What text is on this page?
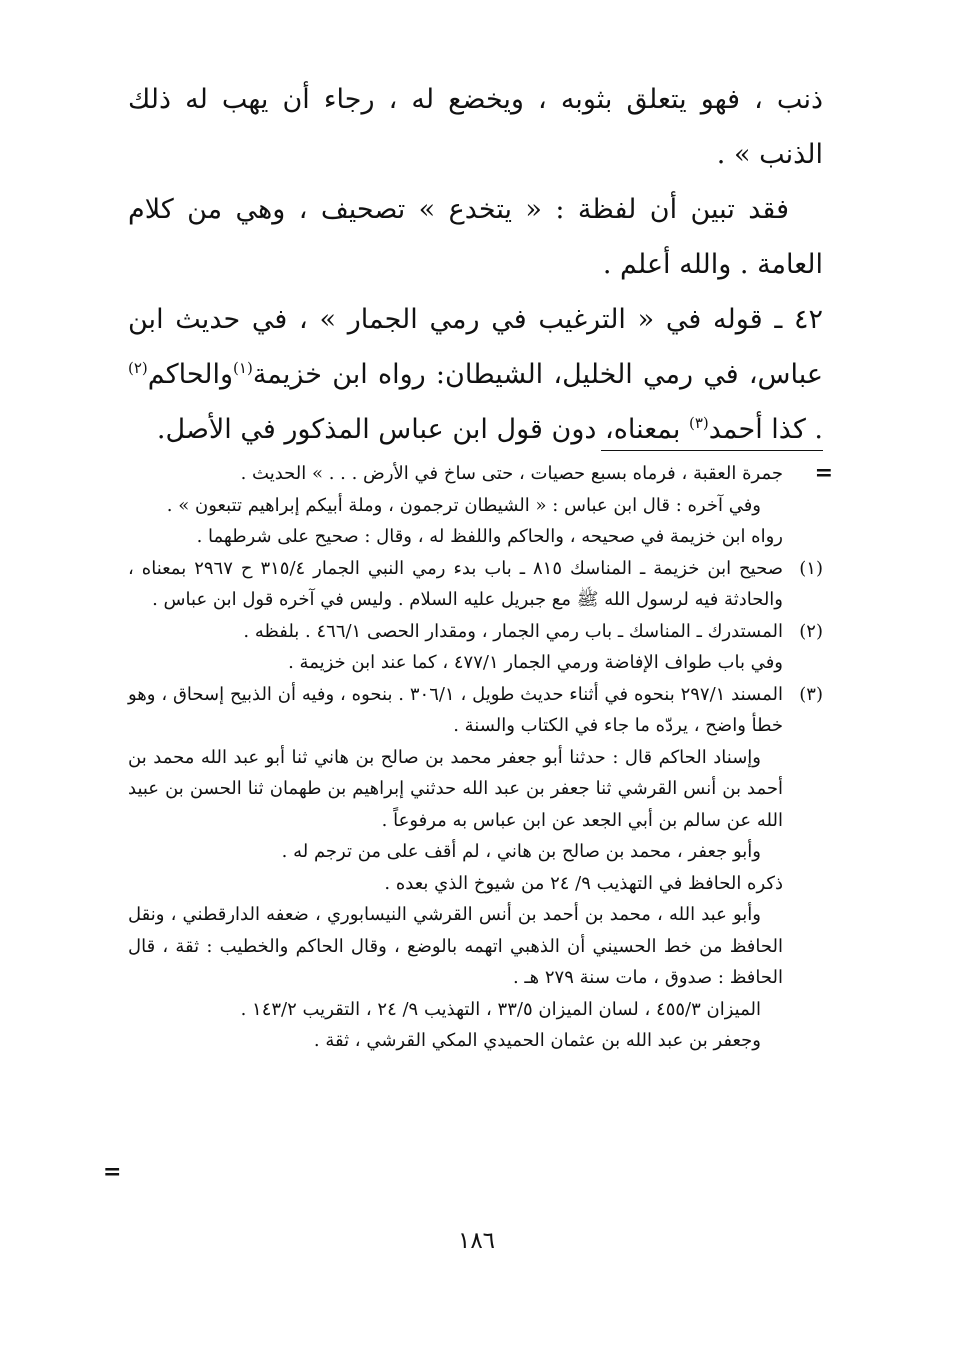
ذنب ، فهو يتعلق بثوبه ، ويخضع له ، رجاء أن يهب له ذلك الذنب » .

فقد تبين أن لفظة : « يتخدع » تصحيف ، وهي من كلام العامة . والله أعلم .

٤٢ ـ قوله في « الترغيب في رمي الجمار » ، في حديث ابن عباس، في رمي الخليل، الشيطان: رواه ابن خزيمة$^{(١)}$والحاكم$^{(٢)}$ . كذا أحمد$^{(٣)}$ بمعناه، دون قول ابن عباس المذكور في الأصل.

=
جمرة العقبة ، فرماه بسبع حصيات ، حتى ساخ في الأرض . . . » الحديث .
وفي آخره : قال ابن عباس : « الشيطان ترجمون ، وملة أبيكم إبراهيم تتبعون » .
رواه ابن خزيمة في صحيحه ، والحاكم واللفظ له ، وقال : صحيح على شرطهما .
(١)
صحيح ابن خزيمة ـ المناسك ٨١٥ ـ باب بدء رمي النبي الجمار ٣١٥/٤ ح ٢٩٦٧ بمعناه ، والحادثة فيه لرسول الله ﷺ مع جبريل عليه السلام . وليس في آخره قول ابن عباس .
(٢)
المستدرك ـ المناسك ـ باب رمي الجمار ، ومقدار الحصى ٤٦٦/١ . بلفظه .
وفي باب طواف الإفاضة ورمي الجمار ٤٧٧/١ ، كما عند ابن خزيمة .
(٣)
المسند ٢٩٧/١ بنحوه في أثناء حديث طويل ، ٣٠٦/١ . بنحوه ، وفيه أن الذبيح إسحاق ، وهو خطأ واضح ، يردّه ما جاء في الكتاب والسنة .
وإسناد الحاكم قال : حدثنا أبو جعفر محمد بن صالح بن هاني ثنا أبو عبد الله محمد بن أحمد بن أنس القرشي ثنا جعفر بن عبد الله حدثني إبراهيم بن طهمان ثنا الحسن بن عبيد الله عن سالم بن أبي الجعد عن ابن عباس به مرفوعاً .
وأبو جعفر ، محمد بن صالح بن هاني ، لم أقف على من ترجم له .
ذكره الحافظ في التهذيب ٩/ ٢٤ من شيوخ الذي بعده .
وأبو عبد الله ، محمد بن أحمد بن أنس القرشي النيسابوري ، ضعفه الدارقطني ، ونقل الحافظ من خط الحسيني أن الذهبي اتهمه بالوضع ، وقال الحاكم والخطيب : ثقة ، قال الحافظ : صدوق ، مات سنة ٢٧٩ هـ .
الميزان ٤٥٥/٣ ، لسان الميزان ٣٣/٥ ، التهذيب ٩/ ٢٤ ، التقريب ١٤٣/٢ .
وجعفر بن عبد الله بن عثمان الحميدي المكي القرشي ، ثقة .
=
١٨٦
